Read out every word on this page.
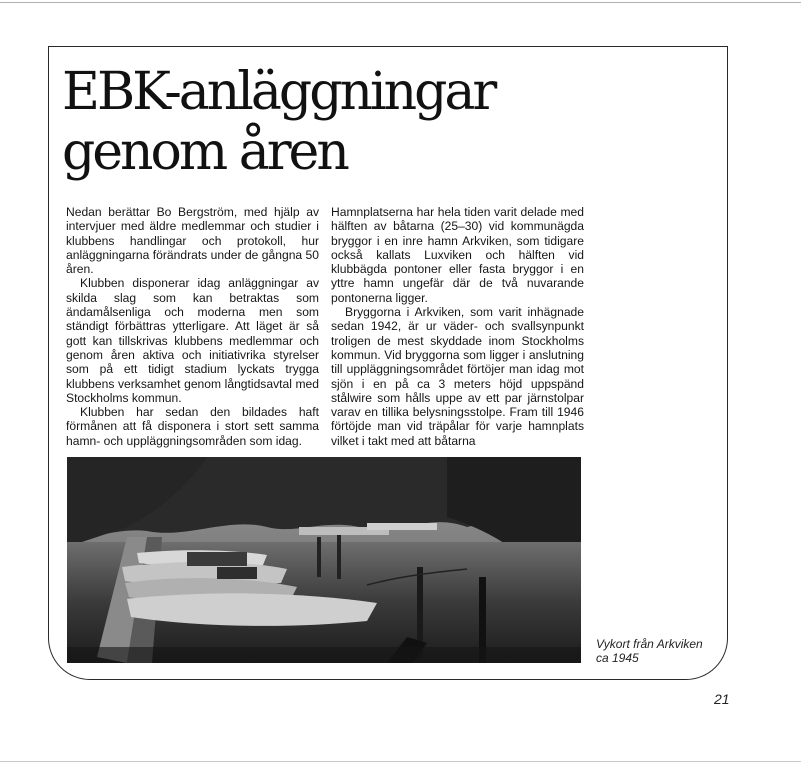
EBK-anläggningar
genom åren

Nedan berättar Bo Bergström, med hjälp av intervjuer med äldre medlemmar och studier i klubbens handlingar och protokoll, hur anläggningarna förändrats under de gångna 50 åren.

Klubben disponerar idag anläggningar av skilda slag som kan betraktas som ändamålsenliga och moderna men som ständigt förbättras ytterligare. Att läget är så gott kan tillskrivas klubbens medlemmar och genom åren aktiva och initiativrika styrelser som på ett tidigt stadium lyckats trygga klubbens verksamhet genom långtidsavtal med Stockholms kommun.

Klubben har sedan den bildades haft förmånen att få disponera i stort sett samma hamn- och uppläggningsområden som idag.

Hamnplatserna har hela tiden varit delade med hälften av båtarna (25–30) vid kommunägda bryggor i en inre hamn Arkviken, som tidigare också kallats Luxviken och hälften vid klubbägda pontoner eller fasta bryggor i en yttre hamn ungefär där de två nuvarande pontonerna ligger.

Bryggorna i Arkviken, som varit inhägnade sedan 1942, är ur väder- och svallsynpunkt troligen de mest skyddade inom Stockholms kommun. Vid bryggorna som ligger i anslutning till uppläggningsområdet förtöjer man idag mot sjön i en på ca 3 meters höjd uppspänd stålwire som hålls uppe av ett par järnstolpar varav en tillika belysningsstolpe. Fram till 1946 förtöjde man vid träpålar för varje hamnplats vilket i takt med att båtarna

Vykort från Arkviken
ca 1945
21
